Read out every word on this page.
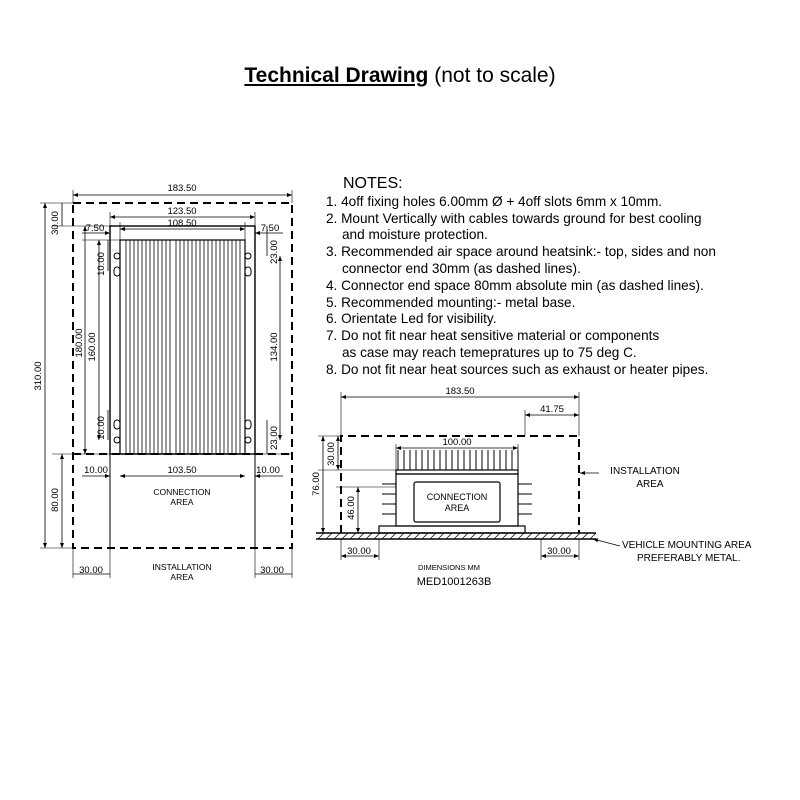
Technical Drawing (not to scale)
NOTES:
1. 4off fixing holes 6.00mm Ø + 4off slots 6mm x 10mm.
2. Mount Vertically with cables towards ground for best cooling
and moisture protection.
3. Recommended air space around heatsink:- top, sides and non
connector end 30mm (as dashed lines).
4. Connector end space 80mm absolute min (as dashed lines).
5. Recommended mounting:- metal base.
6. Orientate Led for visibility.
7. Do not fit near heat sensitive material or components
as case may reach temepratures up to 75 deg C.
8. Do not fit near heat sources such as exhaust or heater pipes.
183.50
123.50
108.50
7.50	7.50
30.00
310.00
80.00
180.00 160.00
10.00
10.00
23.00
134.00
23.00
10.00	103.50	10.00
30.00	30.00
CONNECTION
AREA
INSTALLATION
AREA
183.50
41.75
100.00
30.00
76.00
46.00
30.00	30.00
CONNECTION
AREA
INSTALLATION
AREA
VEHICLE MOUNTING AREA
PREFERABLY METAL.
DIMENSIONS MM
MED1001263B
